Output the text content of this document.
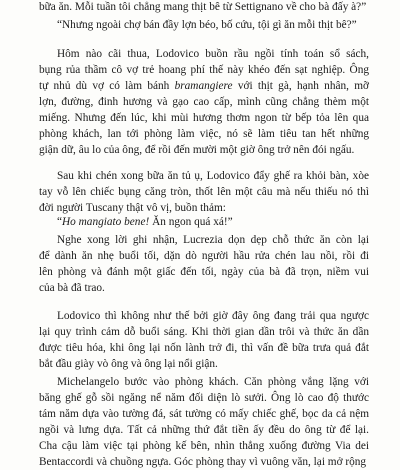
bữa ăn. Mỗi tuần tôi chẳng mang thịt bê từ Settignano về cho bà đấy à?”
“Nhưng ngoài chợ bán đầy lợn béo, bố cứu, tội gì ăn mỗi thịt bê?”
Hôm nào cãi thua, Lodovico buồn rầu ngồi tính toán sổ sách,
bụng rủa thầm cô vợ trẻ hoang phí thế này khéo đến sạt nghiệp. Ông
tự nhủ dù vợ có làm bánh bramangiere với thịt gà, hạnh nhân, mỡ
lợn, đường, đinh hương và gạo cao cấp, mình cũng chẳng thèm một
miếng. Nhưng đến lúc, khi mùi hương thơm ngon từ bếp tỏa lên qua
phòng khách, lan tới phòng làm việc, nó sẽ làm tiêu tan hết những
giận dữ, âu lo của ông, để rồi đến mười một giờ ông trở nên đói ngấu.
Sau khi chén xong bữa ăn tủ ụ, Lodovico đẩy ghế ra khỏi bàn, xòe
tay vỗ lên chiếc bụng căng tròn, thốt lên một câu mà nếu thiếu nó thì
đời người Tuscany thật vô vị, buồn thảm:
“Ho mangiato bene! Ăn ngon quá xá!”
Nghe xong lời ghi nhận, Lucrezia dọn dẹp chỗ thức ăn còn lại
để dành ăn nhẹ buổi tối, dặn dò người hầu rửa chén lau nồi, rồi đi
lên phòng và đánh một giấc đến tối, ngày của bà đã trọn, niềm vui
của bà đã trao.
Lodovico thì không như thế bởi giờ đây ông đang trải qua ngược
lại quy trình cảm dỗ buổi sáng. Khi thời gian dần trôi và thức ăn dần
được tiêu hóa, khi ông lại nốn lành trở đi, thì vấn đề bữa trưa quả đắt
bắt đầu giày vò ông và ông lại nổi giận.
Michelangelo bước vào phòng khách. Căn phòng vắng lặng với
băng ghế gỗ sồi ngăng nể năm đối diện lò sưởi. Ông lò cao độ thước
tám năm dựa vào tường đá, sát tường có mấy chiếc ghế, bọc da cả nệm
ngồi và lưng dựa. Tất cả những thứ đắt tiền ấy đều do ông từ để lại.
Cha cậu làm việc tại phòng kế bên, nhìn thẳng xuống đường Via dei
Bentaccordi và chuồng ngựa. Góc phòng thay vì vuông văn, lại mở rộng
